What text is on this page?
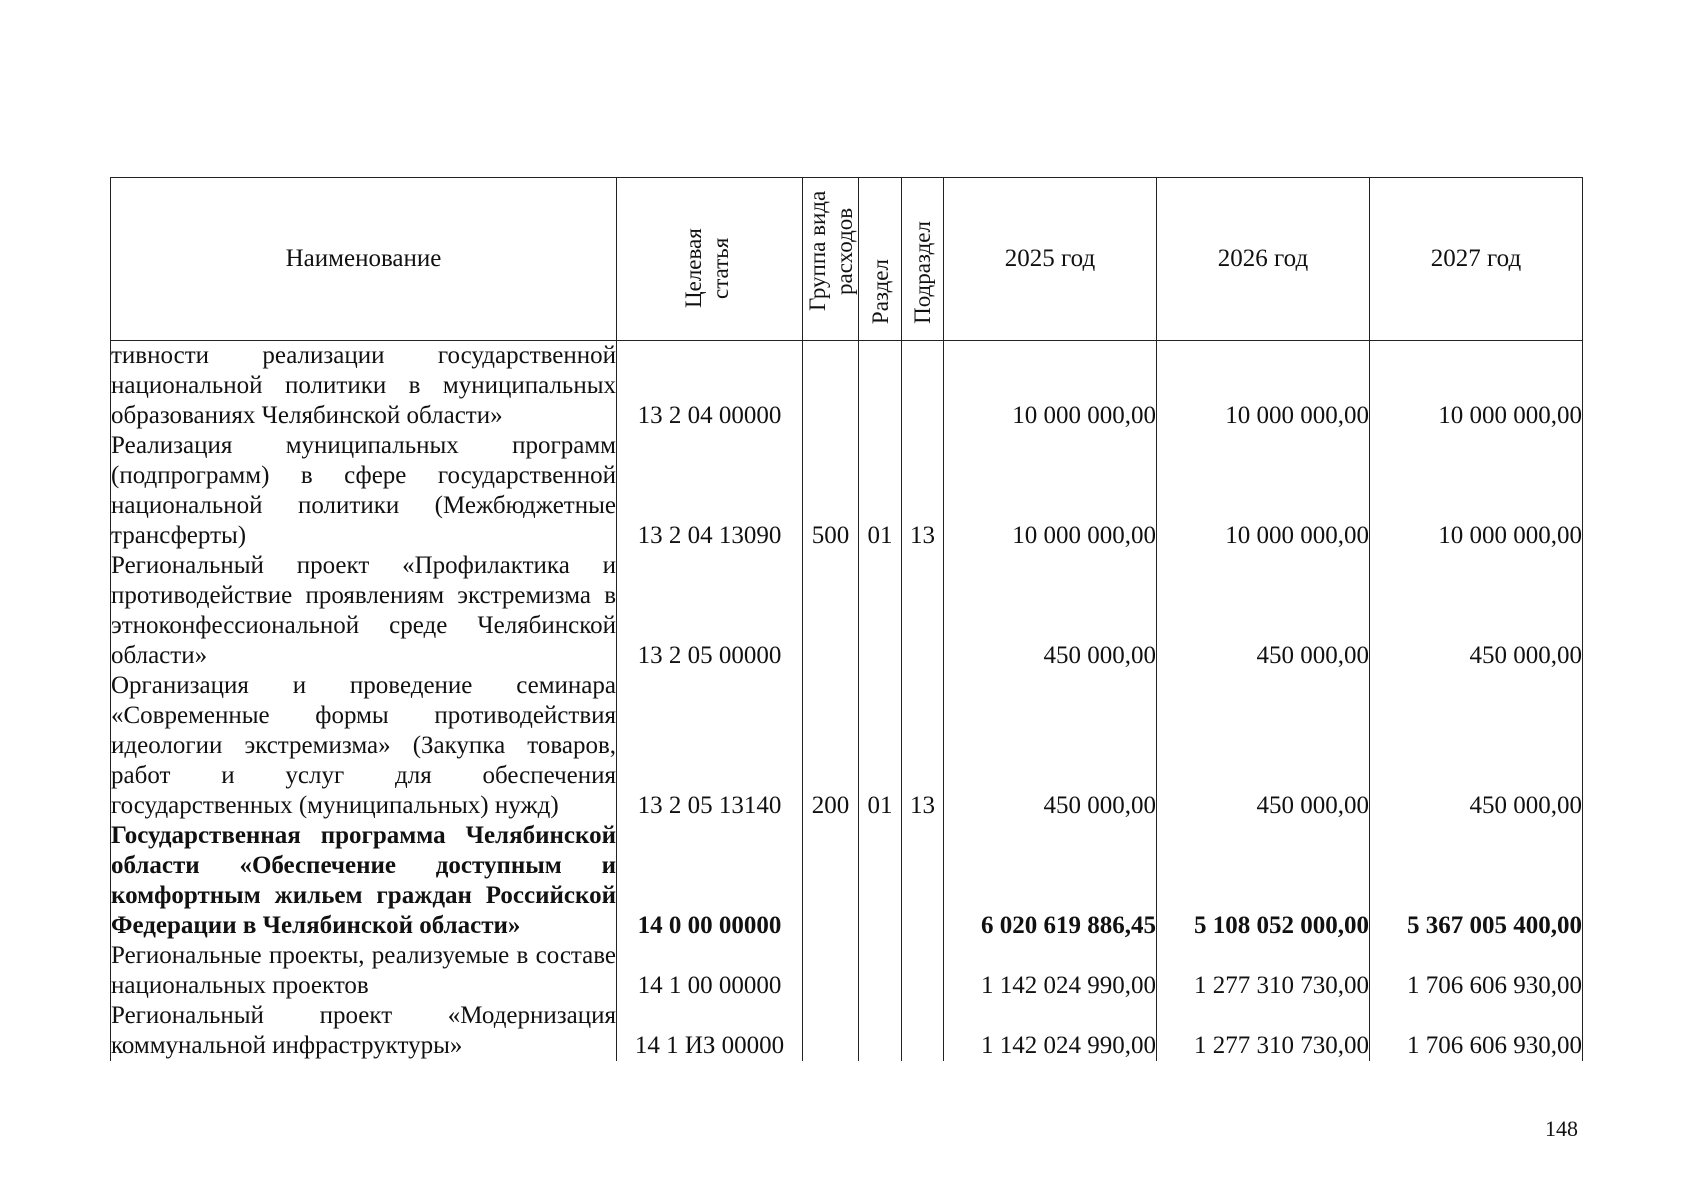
Наименование	Целевая статья	Группа вида расходов	Раздел	Подраздел	2025 год	2026 год	2027 год
тивности реализации государственной национальной политики в муниципальных образованиях Челябинской области»	13 2 04 00000				10 000 000,00	10 000 000,00	10 000 000,00
Реализация муниципальных программ (подпрограмм) в сфере государственной национальной политики (Межбюджетные трансферты)	13 2 04 13090	500	01	13	10 000 000,00	10 000 000,00	10 000 000,00
Региональный проект «Профилактика и противодействие проявлениям экстремизма в этноконфессиональной среде Челябинской области»	13 2 05 00000				450 000,00	450 000,00	450 000,00
Организация и проведение семинара «Современные формы противодействия идеологии экстремизма» (Закупка товаров, работ и услуг для обеспечения государственных (муниципальных) нужд)	13 2 05 13140	200	01	13	450 000,00	450 000,00	450 000,00
Государственная программа Челябинской области «Обеспечение доступным и комфортным жильем граждан Российской Федерации в Челябинской области»	14 0 00 00000				6 020 619 886,45	5 108 052 000,00	5 367 005 400,00
Региональные проекты, реализуемые в составе национальных проектов	14 1 00 00000				1 142 024 990,00	1 277 310 730,00	1 706 606 930,00
Региональный проект «Модернизация коммунальной инфраструктуры»	14 1 ИЗ 00000				1 142 024 990,00	1 277 310 730,00	1 706 606 930,00
148
